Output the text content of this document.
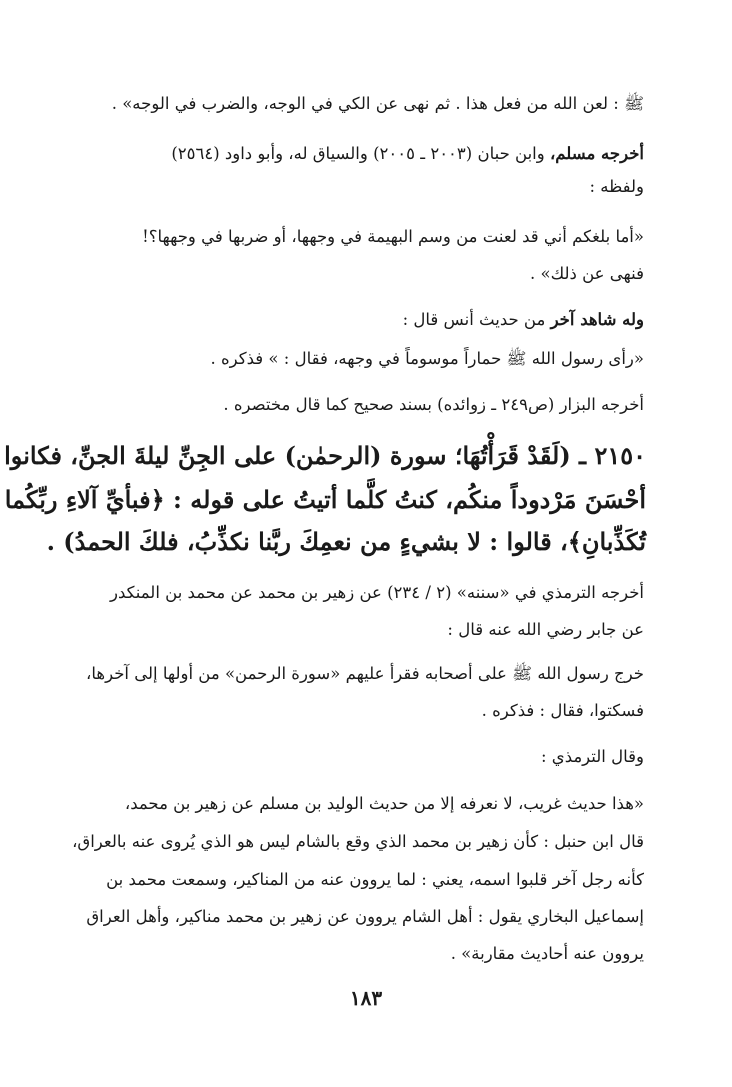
ﷺ : لعن الله من فعل هذا . ثم نهى عن الكي في الوجه، والضرب في الوجه» .
أخرجه مسلم، وابن حبان (٢٠٠٣ ـ ٢٠٠٥) والسياق له، وأبو داود (٢٥٦٤)
ولفظه :
«أما بلغكم أني قد لعنت من وسم البهيمة في وجهها، أو ضربها في وجهها؟!
فنهى عن ذلك» .
وله شاهد آخر من حديث أنس قال :
«رأى رسول الله ﷺ حماراً موسوماً في وجهه، فقال : » فذكره .
أخرجه البزار (ص٢٤٩ ـ زوائده) بسند صحيح كما قال مختصره .
٢١٥٠ ـ (لَقَدْ قَرَأْتُهَا؛ سورة (الرحمٰن) على الجِنِّ ليلةَ الجنِّ، فكانوا
أحْسَنَ مَرْدوداً منكُم، كنتُ كلَّما أتيتُ على قوله : ﴿فبأيِّ آلاءِ ربِّكُما
تُكَذِّبانِ﴾، قالوا : لا بشيءٍ من نعمِكَ ربَّنا نكذِّبُ، فلكَ الحمدُ) .
أخرجه الترمذي في «سننه» (٢ / ٢٣٤) عن زهير بن محمد عن محمد بن المنكدر
عن جابر رضي الله عنه قال :
خرج رسول الله ﷺ على أصحابه فقرأ عليهم «سورة الرحمن» من أولها إلى آخرها،
فسكتوا، فقال : فذكره .
وقال الترمذي :
«هذا حديث غريب، لا نعرفه إلا من حديث الوليد بن مسلم عن زهير بن محمد،
قال ابن حنبل : كأن زهير بن محمد الذي وقع بالشام ليس هو الذي يُروى عنه بالعراق،
كأنه رجل آخر قلبوا اسمه، يعني : لما يروون عنه من المناكير، وسمعت محمد بن
إسماعيل البخاري يقول : أهل الشام يروون عن زهير بن محمد مناكير، وأهل العراق
يروون عنه أحاديث مقاربة» .
١٨٣
